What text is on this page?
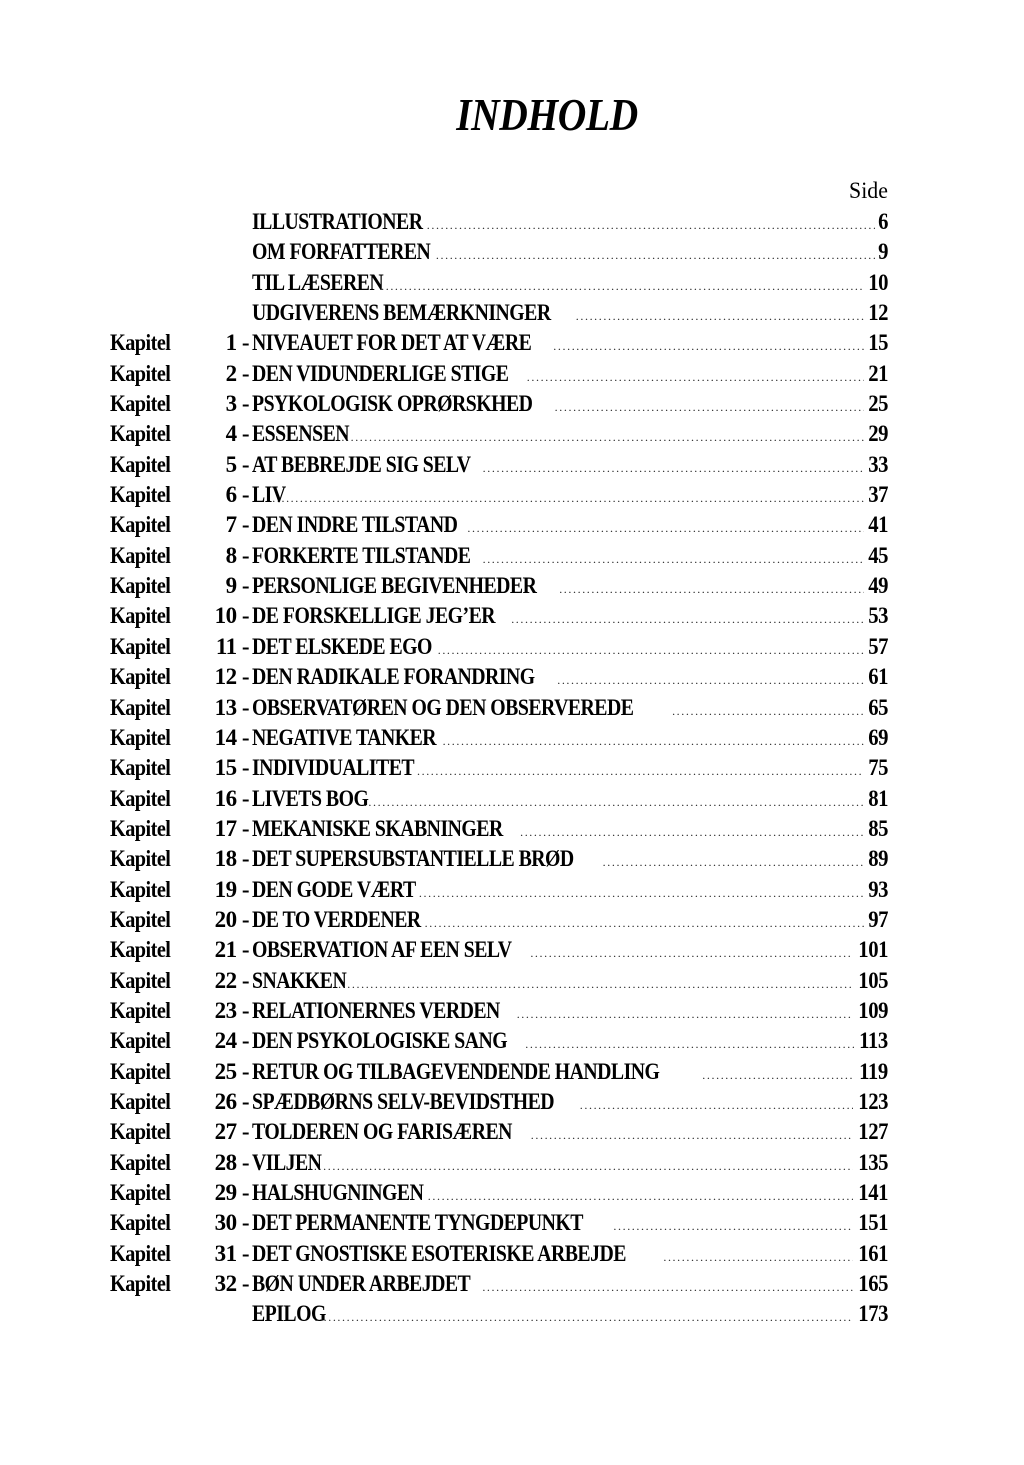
INDHOLD
Side
ILLUSTRATIONER .....	6
OM FORFATTEREN .....	9
TIL LÆSEREN .....	10
UDGIVERENS BEMÆRKNINGER .....	12
Kapitel	1 - NIVEAUET FOR DET AT VÆRE .....	15
Kapitel	2 - DEN VIDUNDERLIGE STIGE .....	21
Kapitel	3 - PSYKOLOGISK OPRØRSKHED .....	25
Kapitel	4 - ESSENSEN .....	29
Kapitel	5 - AT BEBREJDE SIG SELV .....	33
Kapitel	6 - LIV .....	37
Kapitel	7 - DEN INDRE TILSTAND .....	41
Kapitel	8 - FORKERTE TILSTANDE .....	45
Kapitel	9 - PERSONLIGE BEGIVENHEDER .....	49
Kapitel	10 - DE FORSKELLIGE JEG’ER .....	53
Kapitel	11 - DET ELSKEDE EGO .....	57
Kapitel	12 - DEN RADIKALE FORANDRING .....	61
Kapitel	13 - OBSERVATØREN OG DEN OBSERVEREDE .....	65
Kapitel	14 - NEGATIVE TANKER .....	69
Kapitel	15 - INDIVIDUALITET .....	75
Kapitel	16 - LIVETS BOG .....	81
Kapitel	17 - MEKANISKE SKABNINGER .....	85
Kapitel	18 - DET SUPERSUBSTANTIELLE BRØD .....	89
Kapitel	19 - DEN GODE VÆRT .....	93
Kapitel	20 - DE TO VERDENER .....	97
Kapitel	21 - OBSERVATION AF EEN SELV .....	101
Kapitel	22 - SNAKKEN .....	105
Kapitel	23 - RELATIONERNES VERDEN .....	109
Kapitel	24 - DEN PSYKOLOGISKE SANG .....	113
Kapitel	25 - RETUR OG TILBAGEVENDENDE HANDLING .....	119
Kapitel	26 - SPÆDBØRNS SELV-BEVIDSTHED .....	123
Kapitel	27 - TOLDEREN OG FARISÆREN .....	127
Kapitel	28 - VILJEN .....	135
Kapitel	29 - HALSHUGNINGEN .....	141
Kapitel	30 - DET PERMANENTE TYNGDEPUNKT .....	151
Kapitel	31 - DET GNOSTISKE ESOTERISKE ARBEJDE .....	161
Kapitel	32 - BØN UNDER ARBEJDET .....	165
EPILOG .....	173
